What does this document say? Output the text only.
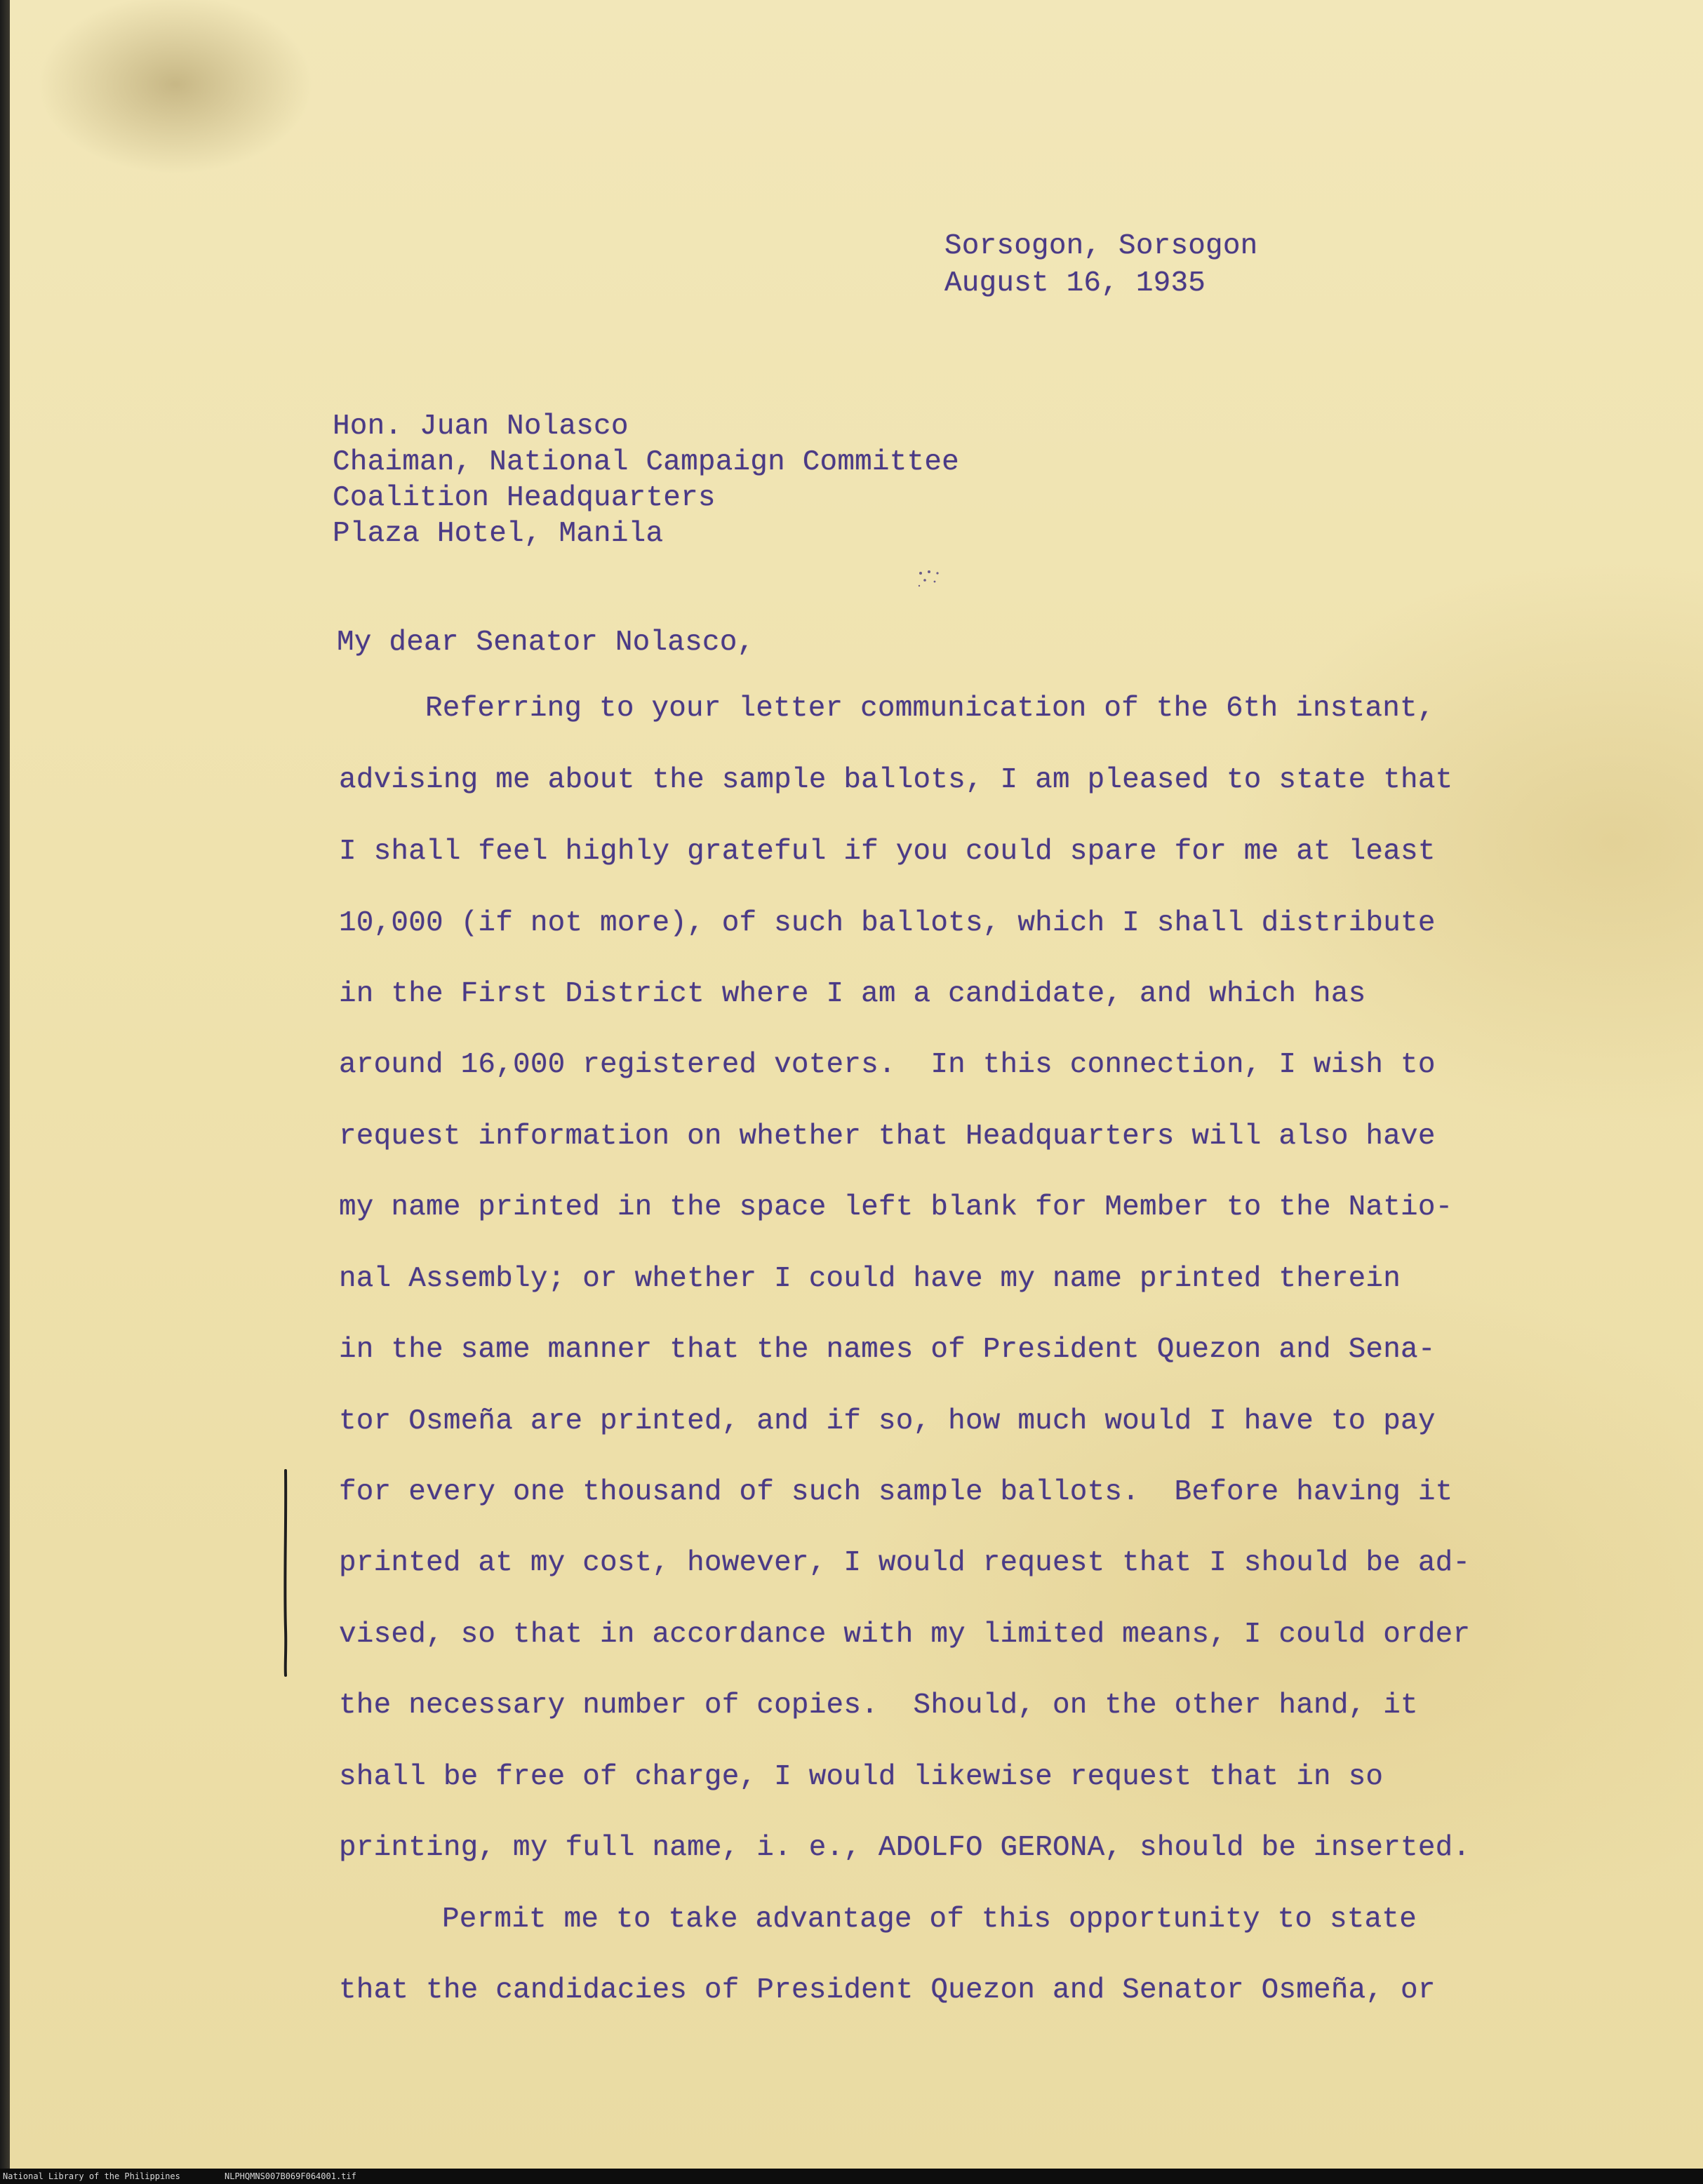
Sorsogon, Sorsogon
August 16, 1935
Hon. Juan Nolasco
Chaiman, National Campaign Committee
Coalition Headquarters
Plaza Hotel, Manila
My dear Senator Nolasco,
Referring to your letter communication of the 6th instant,
advising me about the sample ballots, I am pleased to state that
I shall feel highly grateful if you could spare for me at least
10,000 (if not more), of such ballots, which I shall distribute
in the First District where I am a candidate, and which has
around 16,000 registered voters.  In this connection, I wish to
request information on whether that Headquarters will also have
my name printed in the space left blank for Member to the Natio-
nal Assembly; or whether I could have my name printed therein
in the same manner that the names of President Quezon and Sena-
tor Osmeña are printed, and if so, how much would I have to pay
for every one thousand of such sample ballots.  Before having it
printed at my cost, however, I would request that I should be ad-
vised, so that in accordance with my limited means, I could order
the necessary number of copies.  Should, on the other hand, it
shall be free of charge, I would likewise request that in so
printing, my full name, i. e., ADOLFO GERONA, should be inserted.
Permit me to take advantage of this opportunity to state
that the candidacies of President Quezon and Senator Osmeña, or
National Library of the Philippines	NLPHQMNS007B069F064001.tif
